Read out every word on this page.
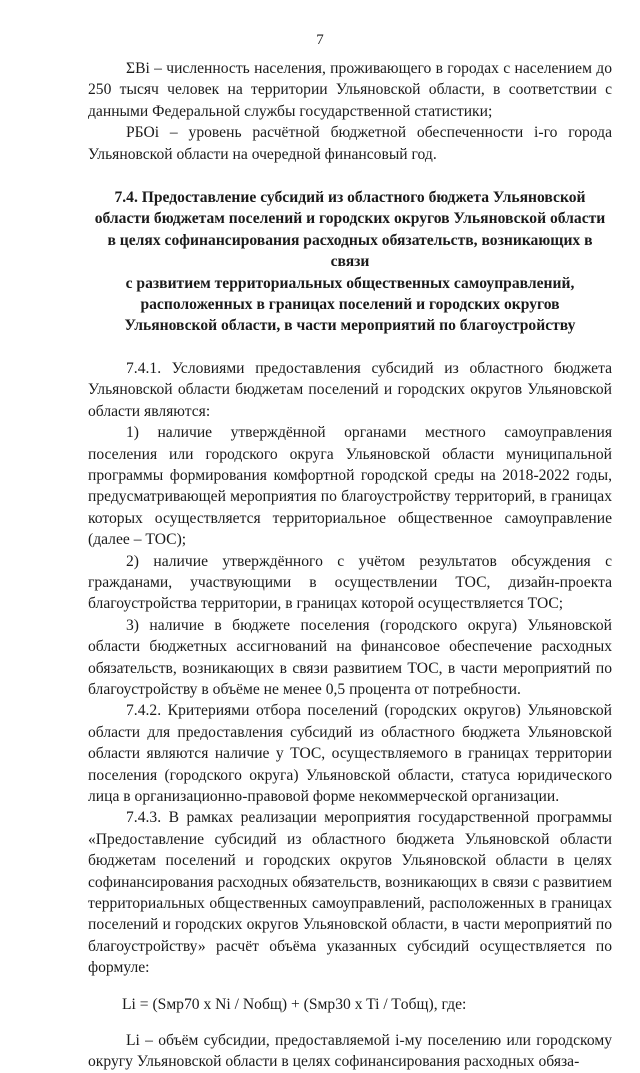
7

ΣBi – численность населения, проживающего в городах с населением до 250 тысяч человек на территории Ульяновской области, в соответствии с данными Федеральной службы государственной статистики;

РБОі – уровень расчётной бюджетной обеспеченности i-го города Ульяновской области на очередной финансовый год.

7.4. Предоставление субсидий из областного бюджета Ульяновской
области бюджетам поселений и городских округов Ульяновской области
в целях софинансирования расходных обязательств, возникающих в связи
с развитием территориальных общественных самоуправлений,
расположенных в границах поселений и городских округов
Ульяновской области, в части мероприятий по благоустройству

7.4.1. Условиями предоставления субсидий из областного бюджета Ульяновской области бюджетам поселений и городских округов Ульяновской области являются:

1) наличие утверждённой органами местного самоуправления поселения или городского округа Ульяновской области муниципальной программы формирования комфортной городской среды на 2018-2022 годы, предусматривающей мероприятия по благоустройству территорий, в границах которых осуществляется территориальное общественное самоуправление (далее – ТОС);

2) наличие утверждённого с учётом результатов обсуждения с гражданами, участвующими в осуществлении ТОС, дизайн-проекта благоустройства территории, в границах которой осуществляется ТОС;

3) наличие в бюджете поселения (городского округа) Ульяновской области бюджетных ассигнований на финансовое обеспечение расходных обязательств, возникающих в связи развитием ТОС, в части мероприятий по благоустройству в объёме не менее 0,5 процента от потребности.

7.4.2. Критериями отбора поселений (городских округов) Ульяновской области для предоставления субсидий из областного бюджета Ульяновской области являются наличие у ТОС, осуществляемого в границах территории поселения (городского округа) Ульяновской области, статуса юридического лица в организационно-правовой форме некоммерческой организации.

7.4.3. В рамках реализации мероприятия государственной программы «Предоставление субсидий из областного бюджета Ульяновской области бюджетам поселений и городских округов Ульяновской области в целях софинансирования расходных обязательств, возникающих в связи с развитием территориальных общественных самоуправлений, расположенных в границах поселений и городских округов Ульяновской области, в части мероприятий по благоустройству» расчёт объёма указанных субсидий осуществляется по формуле:

Li = (Sмр70 x Ni / Nобщ) + (Sмр30 x Ti / Tобщ), где:

Li – объём субсидии, предоставляемой i-му поселению или городскому округу Ульяновской области в целях софинансирования расходных обяза-
